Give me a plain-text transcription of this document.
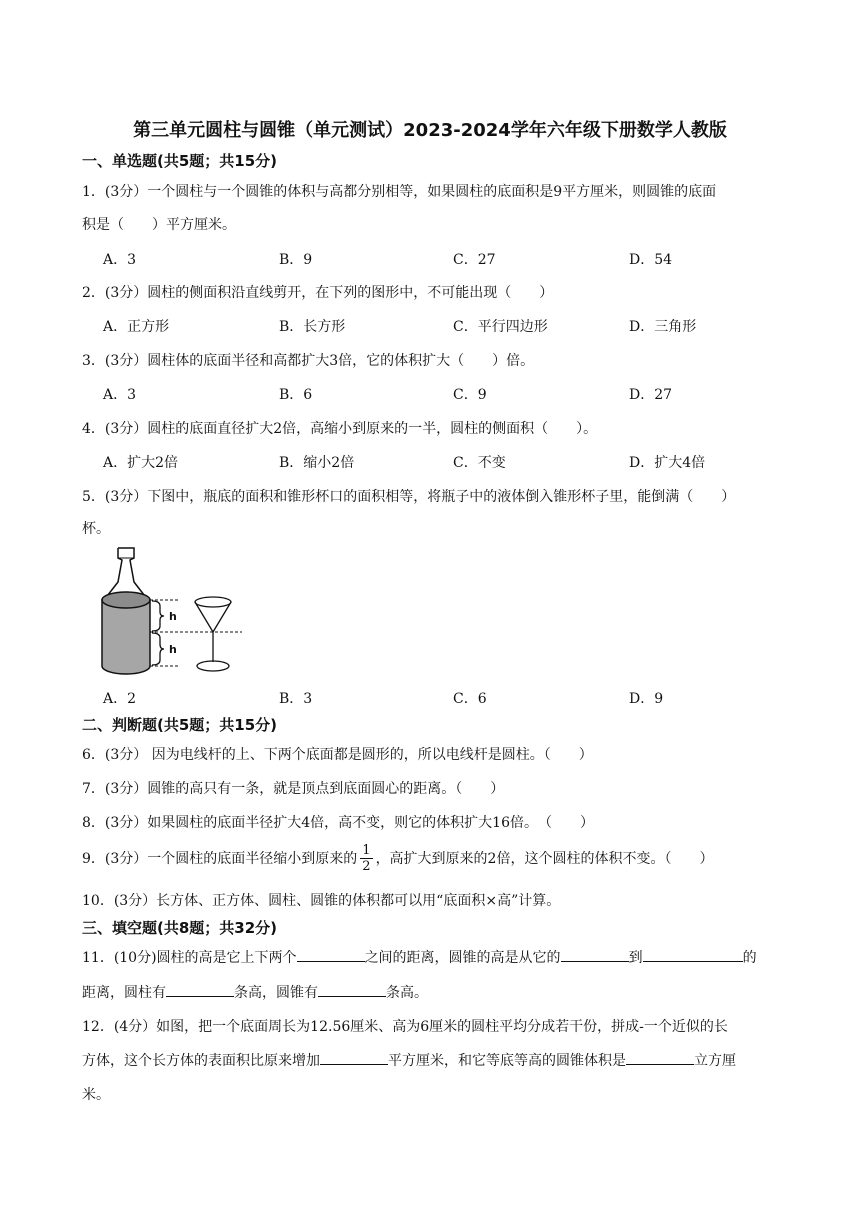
第三单元圆柱与圆锥（单元测试）2023-2024学年六年级下册数学人教版
一、单选题(共5题；共15分)
1．(3分）一个圆柱与一个圆锥的体积与高都分别相等，如果圆柱的底面积是9平方厘米，则圆锥的底面
积是（　　）平方厘米。
A．3	B．9	C．27	D．54
2．(3分）圆柱的侧面积沿直线剪开，在下列的图形中，不可能出现（　　）
A．正方形	B．长方形	C．平行四边形	D．三角形
3．(3分）圆柱体的底面半径和高都扩大3倍，它的体积扩大（　　）倍。
A．3	B．6	C．9	D．27
4．(3分）圆柱的底面直径扩大2倍，高缩小到原来的一半，圆柱的侧面积（　　）。
A．扩大2倍	B．缩小2倍	C．不变	D．扩大4倍
5．(3分）下图中，瓶底的面积和锥形杯口的面积相等，将瓶子中的液体倒入锥形杯子里，能倒满（　　）
杯。
h
h
A．2	B．3	C．6	D．9
二、判断题(共5题；共15分)
6．(3分） 因为电线杆的上、下两个底面都是圆形的，所以电线杆是圆柱。（　　）
7．(3分）圆锥的高只有一条，就是顶点到底面圆心的距离。（　　）
8．(3分）如果圆柱的底面半径扩大4倍，高不变，则它的体积扩大16倍。　（　　）
9．(3分）一个圆柱的底面半径缩小到原来的 $\frac{1}{2}$ ，高扩大到原来的2倍，这个圆柱的体积不变。（　　）
10．(3分）长方体、正方体、圆柱、圆锥的体积都可以用“底面积×高”计算。
三、填空题(共8题；共32分)
11．(10分)圆柱的高是它上下两个	之间的距离，圆锥的高是从它的	到	的
距离，圆柱有	条高，圆锥有	条高。
12．(4分）如图，把一个底面周长为12.56厘米、高为6厘米的圆柱平均分成若干份，拼成-一个近似的长
方体，这个长方体的表面积比原来增加	平方厘米，和它等底等高的圆锥体积是	立方厘
米。
